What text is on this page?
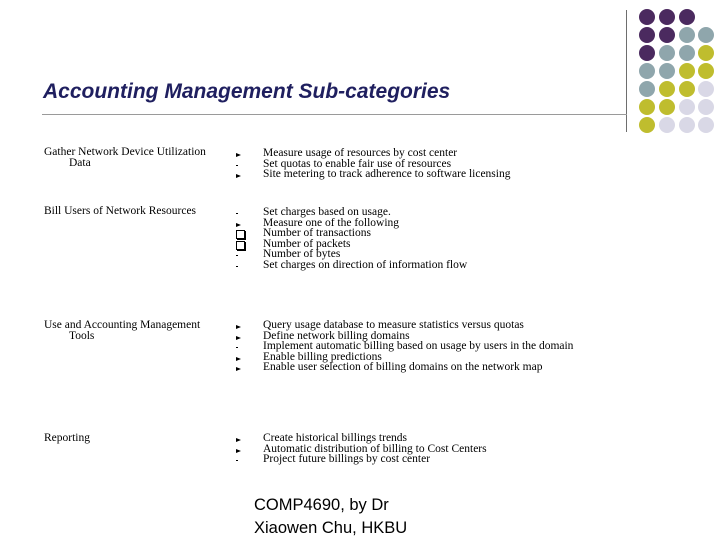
Accounting Management Sub-categories
Gather Network Device Utilization
Data
Measure usage of resources by cost center
Set quotas to enable fair use of resources
Site metering to track adherence to software licensing
Bill Users of Network Resources	Set charges based on usage.
Measure one of the following
Number of transactions
Number of packets
Number of bytes
Set charges on direction of information flow
Use and Accounting Management
Tools
Query usage database to measure statistics versus quotas
Define network billing domains
Implement automatic billing based on usage by users in the domain
Enable billing predictions
Enable user selection of billing domains on the network map
Reporting	Create historical billings trends
Automatic distribution of billing to Cost Centers
Project future billings by cost center
COMP4690, by Dr
Xiaowen Chu, HKBU
